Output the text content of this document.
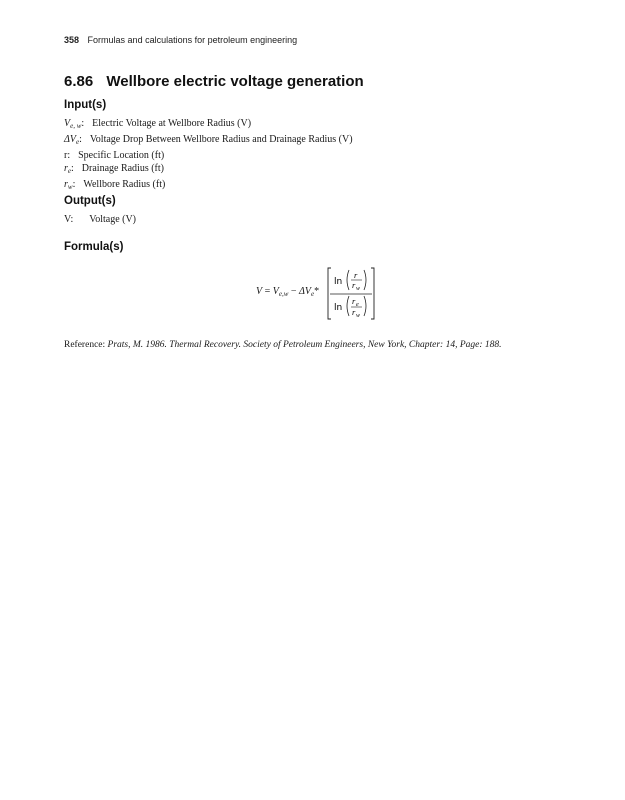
358 Formulas and calculations for petroleum engineering
6.86 Wellbore electric voltage generation
Input(s)
$V_{e, w}$: Electric Voltage at Wellbore Radius (V)
$\Delta V_e$: Voltage Drop Between Wellbore Radius and Drainage Radius (V)
r: Specific Location (ft)
$r_e$: Drainage Radius (ft)
$r_w$: Wellbore Radius (ft)
Output(s)
V: Voltage (V)
Formula(s)
$V = V_{e,w} - \Delta V_e*$
ln
r
r w
ln
r e
r w
Reference: Prats, M. 1986. Thermal Recovery. Society of Petroleum Engineers, New York, Chapter: 14, Page: 188.
